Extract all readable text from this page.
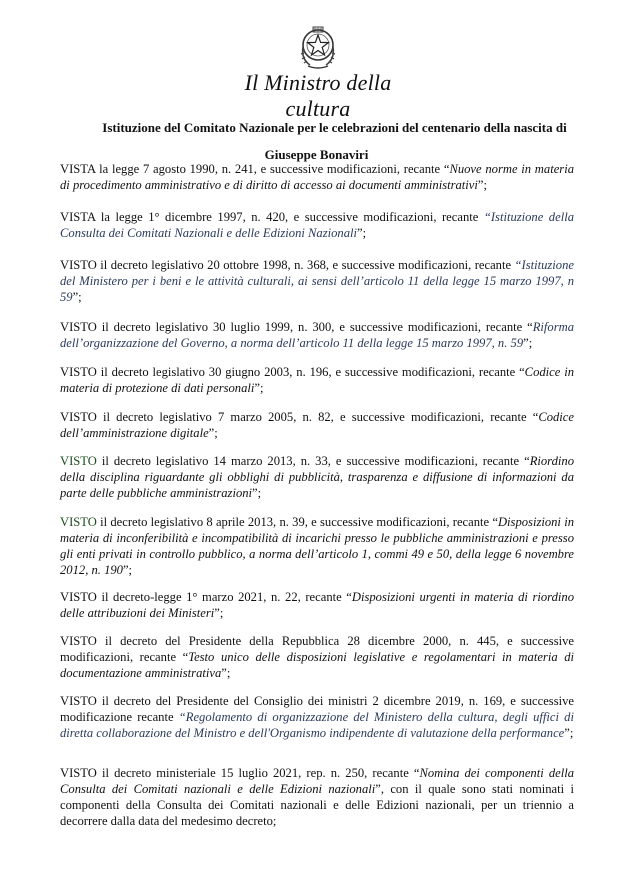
Il Ministro della cultura
Istituzione del Comitato Nazionale per le celebrazioni del centenario della nascita di
Giuseppe Bonaviri

VISTA la legge 7 agosto 1990, n. 241, e successive modificazioni, recante “Nuove norme in materia di procedimento amministrativo e di diritto di accesso ai documenti amministrativi”;

VISTA la legge 1° dicembre 1997, n. 420, e successive modificazioni, recante “Istituzione della Consulta dei Comitati Nazionali e delle Edizioni Nazionali”;

VISTO il decreto legislativo 20 ottobre 1998, n. 368, e successive modificazioni, recante “Istituzione del Ministero per i beni e le attività culturali, ai sensi dell’articolo 11 della legge 15 marzo 1997, n 59”;

VISTO il decreto legislativo 30 luglio 1999, n. 300, e successive modificazioni, recante “Riforma dell’organizzazione del Governo, a norma dell’articolo 11 della legge 15 marzo 1997, n. 59”;

VISTO il decreto legislativo 30 giugno 2003, n. 196, e successive modificazioni, recante “Codice in materia di protezione di dati personali”;

VISTO il decreto legislativo 7 marzo 2005, n. 82, e successive modificazioni, recante “Codice dell’amministrazione digitale”;

VISTO il decreto legislativo 14 marzo 2013, n. 33, e successive modificazioni, recante “Riordino della disciplina riguardante gli obblighi di pubblicità, trasparenza e diffusione di informazioni da parte delle pubbliche amministrazioni”;

VISTO il decreto legislativo 8 aprile 2013, n. 39, e successive modificazioni, recante “Disposizioni in materia di inconferibilità e incompatibilità di incarichi presso le pubbliche amministrazioni e presso gli enti privati in controllo pubblico, a norma dell’articolo 1, commi 49 e 50, della legge 6 novembre 2012, n. 190”;

VISTO il decreto-legge 1° marzo 2021, n. 22, recante “Disposizioni urgenti in materia di riordino delle attribuzioni dei Ministeri”;

VISTO il decreto del Presidente della Repubblica 28 dicembre 2000, n. 445, e successive modificazioni, recante “Testo unico delle disposizioni legislative e regolamentari in materia di documentazione amministrativa”;

VISTO il decreto del Presidente del Consiglio dei ministri 2 dicembre 2019, n. 169, e successive modificazione recante “Regolamento di organizzazione del Ministero della cultura, degli uffici di diretta collaborazione del Ministro e dell'Organismo indipendente di valutazione della performance”;

VISTO il decreto ministeriale 15 luglio 2021, rep. n. 250, recante “Nomina dei componenti della Consulta dei Comitati nazionali e delle Edizioni nazionali”, con il quale sono stati nominati i componenti della Consulta dei Comitati nazionali e delle Edizioni nazionali, per un triennio a decorrere dalla data del medesimo decreto;
